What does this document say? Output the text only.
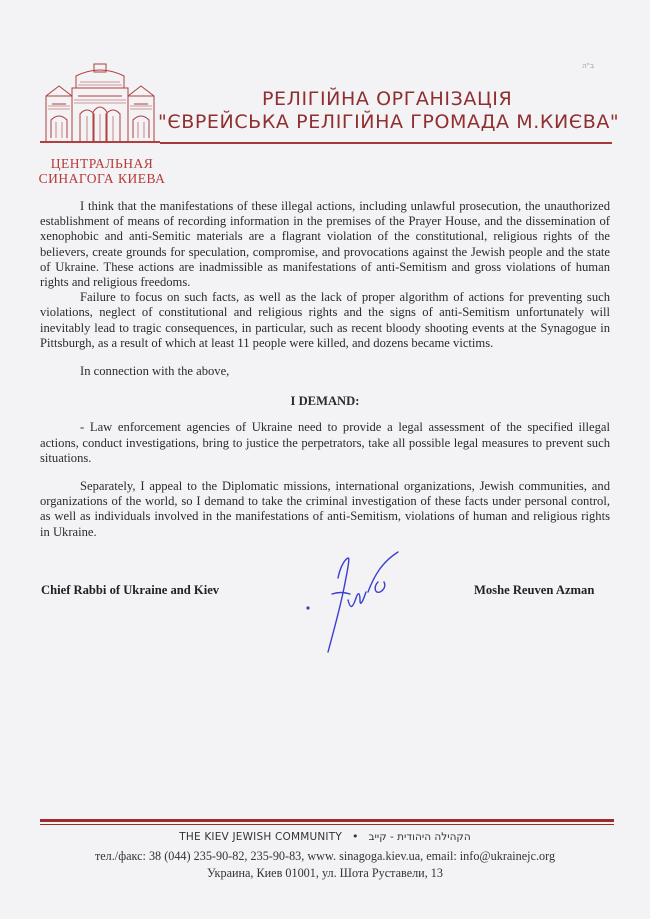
ב"ה
РЕЛІГІЙНА ОРГАНІЗАЦІЯ
"ЄВРЕЙСЬКА РЕЛІГІЙНА ГРОМАДА М.КИЄВА"
ЦЕНТРАЛЬНАЯ
СИНАГОГА КИЕВА

I think that the manifestations of these illegal actions, including unlawful prosecution, the unauthorized establishment of means of recording information in the premises of the Prayer House, and the dissemination of xenophobic and anti-Semitic materials are a flagrant violation of the constitutional, religious rights of the believers, create grounds for speculation, compromise, and provocations against the Jewish people and the state of Ukraine. These actions are inadmissible as manifestations of anti-Semitism and gross violations of human rights and religious freedoms.

Failure to focus on such facts, as well as the lack of proper algorithm of actions for preventing such violations, neglect of constitutional and religious rights and the signs of anti-Semitism unfortunately will inevitably lead to tragic consequences, in particular, such as recent bloody shooting events at the Synagogue in Pittsburgh, as a result of which at least 11 people were killed, and dozens became victims.

In connection with the above,

I DEMAND:

- Law enforcement agencies of Ukraine need to provide a legal assessment of the specified illegal actions, conduct investigations, bring to justice the perpetrators, take all possible legal measures to prevent such situations.

Separately, I appeal to the Diplomatic missions, international organizations, Jewish communities, and organizations of the world, so I demand to take the criminal investigation of these facts under personal control, as well as individuals involved in the manifestations of anti-Semitism, violations of human and religious rights in Ukraine.

Chief Rabbi of Ukraine and Kiev	Moshe Reuven Azman
THE KIEV JEWISH COMMUNITY • הקהילה היהודית - קייב
тел./факс: 38 (044) 235-90-82, 235-90-83, www. sinagoga.kiev.ua, email: info@ukrainejc.org
Украина, Киев 01001, ул. Шота Руставели, 13
